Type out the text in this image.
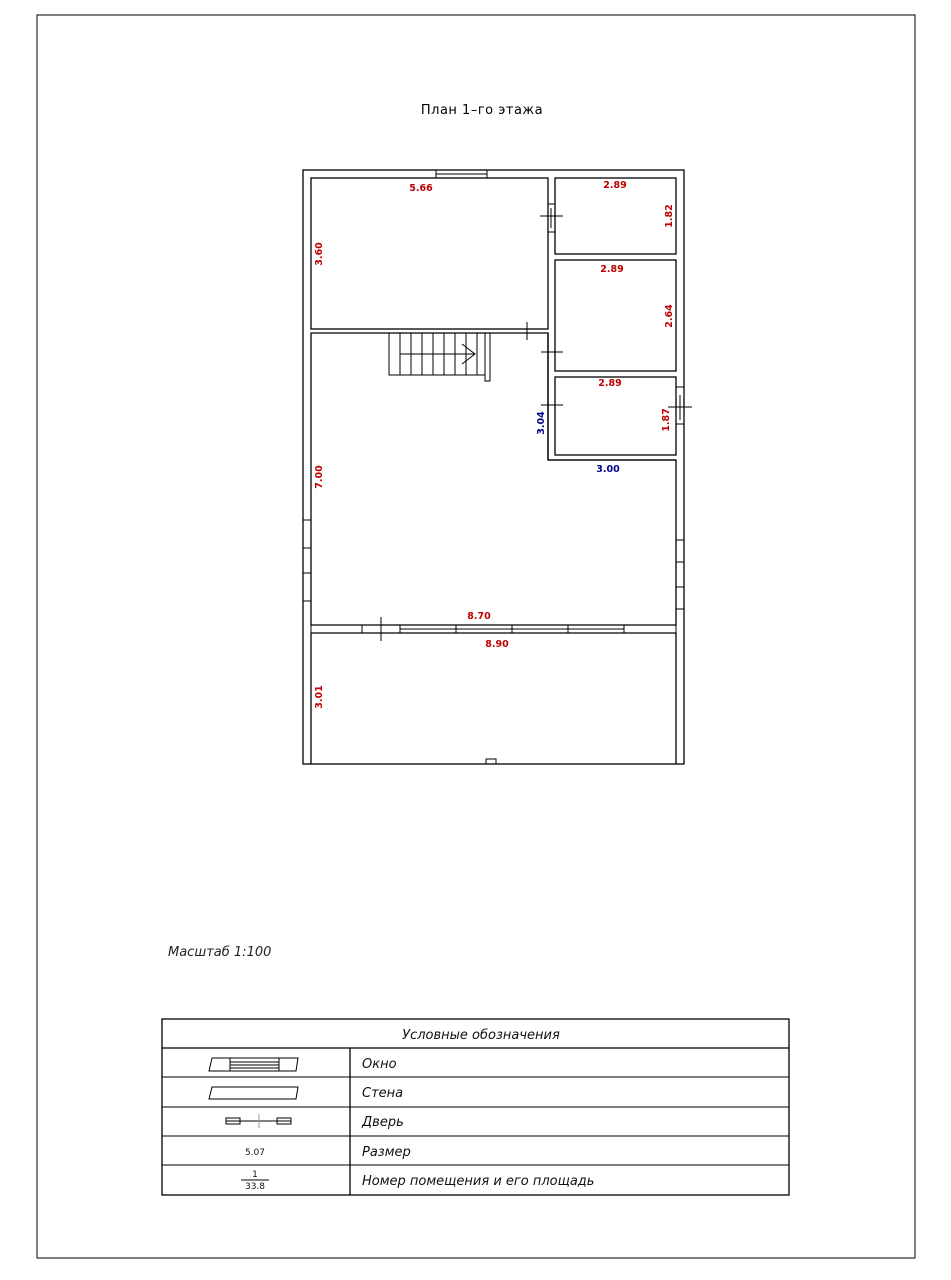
План 1–го этажа
5.66
3.60
2.89
1.82
2.89
2.64
2.89
1.87
3.04
3.00
7.00
8.70
8.90
3.01
Масштаб 1:100
Условные обозначения
Окно
Стена
Дверь
5.07	Размер
1
33.8	Номер помещения и его площадь
